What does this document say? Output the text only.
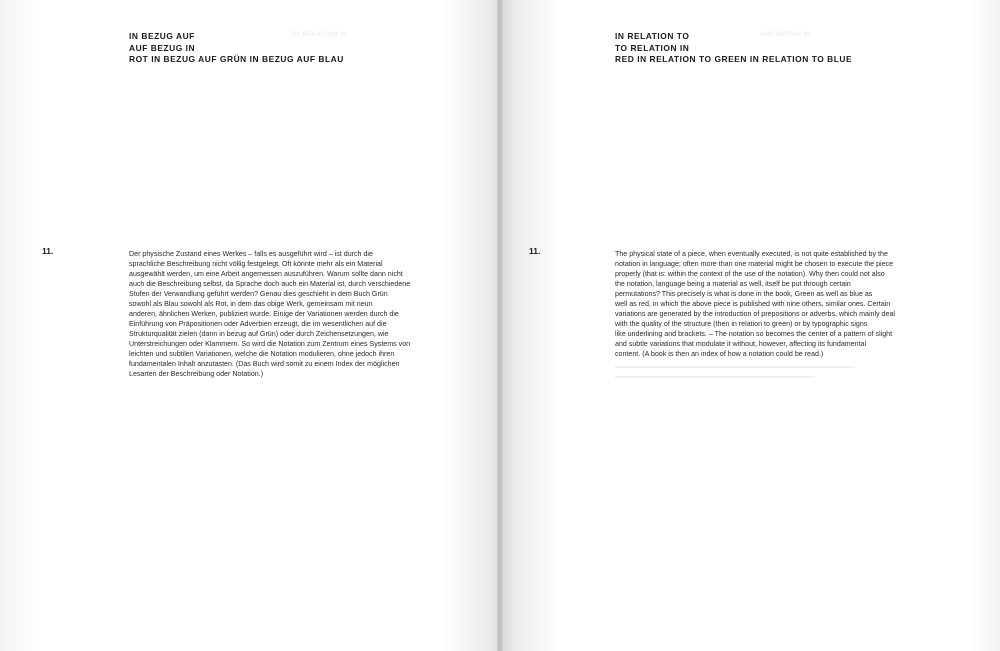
TO RELATION IN
IN BEZUG AUF
AUF BEZUG IN
ROT IN BEZUG AUF GRÜN IN BEZUG AUF BLAU
11.	Der physische Zustand eines Werkes – falls es ausgeführt wird – ist durch die
sprachliche Beschreibung nicht völlig festgelegt. Oft könnte mehr als ein Material
ausgewählt werden, um eine Arbeit angemessen auszuführen. Warum sollte dann nicht
auch die Beschreibung selbst, da Sprache doch auch ein Material ist, durch verschiedene
Stufen der Verwandlung geführt werden? Genau dies geschieht in dem Buch Grün
sowohl als Blau sowohl als Rot, in dem das obige Werk, gemeinsam mit neun
anderen, ähnlichen Werken, publiziert wurde. Einige der Variationen werden durch die
Einführung von Präpositionen oder Adverbien erzeugt, die im wesentlichen auf die
Strukturqualität zielen (dann in bezug auf Grün) oder durch Zeichensetzungen, wie
Unterstreichungen oder Klammern. So wird die Notation zum Zentrum eines Systems von
leichten und subtilen Variationen, welche die Notation modulieren, ohne jedoch ihren
fundamentalen Inhalt anzutasten. (Das Buch wird somit zu einem Index der möglichen
Lesarten der Beschreibung oder Notation.)
AUF BEZUG IN
IN RELATION TO
TO RELATION IN
RED IN RELATION TO GREEN IN RELATION TO BLUE
11.	The physical state of a piece, when eventually executed, is not quite established by the
notation in language; often more than one material might be chosen to execute the piece
properly (that is: within the context of the use of the notation). Why then could not also
the notation, language being a material as well, itself be put through certain
permutations? This precisely is what is done in the book, Green as well as blue as
well as red, in which the above piece is published with nine others, similar ones. Certain
variations are generated by the introduction of prepositions or adverbs, which mainly deal
with the quality of the structure (then in relation to green) or by typographic signs
like underlining and brackets. – The notation so becomes the center of a pattern of slight
and subtle variations that modulate it without, however, affecting its fundamental
content. (A book is then an index of how a notation could be read.)
